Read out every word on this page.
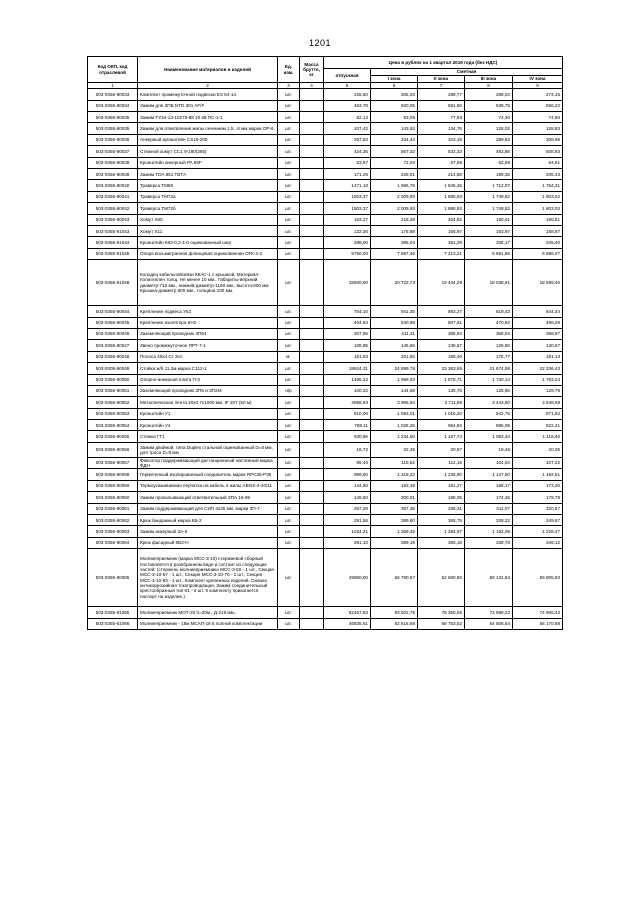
1201
Код ОКП, код отраслевой	Наименование материалов и изделий	Ед. изм.	Масса брутто, кг	Цена в рублях на 1 квартал 2019 года (без НДС)				
				отпускная	Сметная			
					I зона	II зона	III зона	IV зона
1	2	3	4	5	6	7	8	9
503-0355-90033	Комплект промежуточной подвески ES 54-14	шт.		228,60	305,03	288,77	268,04	274,16
503-0355-90034	Зажим для ЗПБ NTD 301 AF/F	шт.		463,78	620,05	581,60	539,75	556,22
503-0355-90035	Зажим ТУ34-13-10273-88 10 кВ ПС-1-1	шт.		62,12	83,05	77,93	72,30	74,50
503-0355-90035	Зажим для ответвления жилы сечением 1,5...6 мм марки ОР-6	шт.		107,42	143,62	134,76	125,02	128,83
503-0355-90036	Анкерный кронштейн CS10-200	шт.		257,63	344,44	323,19	299,83	308,98
503-0355-90037	Стяжной хомут CC1 9-180(265)	шт.		424,35	567,33	532,33	492,86	508,93
503-0355-90038	Кронштейн анкерный PA 69F	шт.		53,87	72,02	67,58	62,69	64,61
503-0355-90039	Зажим TDA 851 П2ТА	шт.		171,29	229,01	214,88	199,35	205,43
503-0355-90040	Траверса ТМ68	шт.		1471,10	1 966,79	1 845,45	1 712,07	1 764,31
503-0355-90041	Траверса ТМ72а	шт.		1503,37	2 009,93	1 885,93	1 749,62	1 803,02
503-0355-90042	Траверса ТМ72б	шт.		1503,37	2 009,93	1 885,93	1 749,62	1 803,02
503-0355-90043	Хомут Х60	шт.		163,27	218,28	204,82	190,01	195,81
503-0355-91043	Хомут Х11	шт.		132,30	176,88	165,97	153,97	158,67
503-0355-91044	Кронштейн К62-0,2-1-0 оцинкованный шер	шт.		288,00	385,04	361,29	335,17	345,40
503-0355-91045	Опора восьмигранная фланцевая оцинкованная ОГК-4-3	шт.		5750,00	7 687,46	7 213,21	6 691,85	6 896,07
503-0355-91046	Колодец кабельнойсвязи ККАС-1 с крышкой. Материал-полиэтилен толщ. Не менее 10 мм.. Габариты-верхний диаметр-712 мм., нижний диаметр-1160 мм., высота-800 мм Крышка-диаметр 600 мм., толщина 100 мм.	шт.		15500,00	20 722,73	19 444,29	18 038,91	18 589,40
503-0355-90044	Крепление подвеса У52	шт.		704,10	941,35	883,27	819,43	844,44
503-0355-90045	Крепление изолятора КН2	шт.		404,64	540,98	507,61	470,92	485,29
503-0355-90046	Заземляющий проводник ЗП64	шт.		307,65	411,31	385,94	358,04	368,97
503-0355-90047	Звено промежуточное ПРТ-7-1	шт.		108,95	145,66	136,67	126,80	130,67
503-0355-90048	Полоса 40х4 Ст 3сп	м.		151,03	201,92	189,46	175,77	181,13
503-0305-90049	Стойка ж/б 11.2м марка С112-1	шт.		18624,31	24 899,78	23 363,65	21 674,98	22 336,43
503-0355-90050	Опорно-анкерная плита П-3	шт.		1495,22	1 999,03	1 875,71	1 740,14	1 793,24
503-0355-90051	Заземляющий проводник ЗП6 и ЗП2М	н/р		100,22	144,68	135,76	125,95	129,79
503-0355-90052	Металлическая лента 20х0,7х1000 мм. IF 207 (50 м)	шт.		2958,93	3 955,94	3 711,89	3 443,60	3 548,69
503-0355-90053	Кронштейн У1	шт.		810,06	1 083,01	1 016,20	942,75	971,52
503-0355-90054	Кронштейн У4	шт.		769,11	1 028,26	964,83	895,09	922,41
503-0355-90055	Стяжка ГТ1	шт.		930,86	1 244,50	1 167,74	1 083,34	1 116,40
503-0355-90056	Зажим двойной, типа Duplex стальной оцинкованный D=8 мм, для троса D=8 мм	шт.		16,72	22,35	20,97	19,46	20,05
503-0355-90057	Фиксатор поддерживающий дистанционный настенный марка ФДН	шт.		89,40	119,52	112,15	104,04	107,22
503-0355-90058	Герметичный изолированный соединитель марки RPC35-P35	шт.		986,00	1 318,22	1 236,90	1 147,50	1 182,51
503-0355-90059	Термоусаживаемая перчатка на кабель 4 жилы ABOS-4-40/11	шт.		144,50	193,19	181,27	168,17	173,30
503-0355-90060	Зажим прокалывающий ответвительный ЗПА 16-95	шт.		149,60	200,01	188,05	174,45	179,78
503-0355-90061	Зажим поддерживающий для СИП 4х25 мм. марки ЗП-7	шт.		267,29	357,35	335,31	311,07	320,57
503-0355-90062	Крюк бандажный марка КБ-2	шт.		291,56	389,80	365,75	339,32	349,67
503-0355-90063	Зажим анкерный ЗА-5	шт.		1024,31	1 369,45	1 284,97	1 192,09	1 228,47
503-0355-90064	Крюк фасадный КБ2-Н	шт.		291,10	389,19	365,18	338,78	349,12
503-0355-90065	Молниеприемник (марка МСС-3-10) стержневой сборный поставляется в разобранном виде и состоит из следующих частей: (стержень молниеприемника МСС-3-50 - 1 шт., Секция МСС-3-10-57 - 1 шт., Секция МСС-3-10-70 - 1 шт., Секция МСС-3-10-83 - 1 шт., Комплект крепежных изделий, Смазка антикоррозийная токопроводящая, Зажим соединительный крестообразный тип К1 - 4 шт. К комплекту прикагается паспорт на изделие.)	шт.		49950,00	66 780,67	62 660,80	58 131,84	59 905,83
503-0355-91065	Молниеприемник МОТ-20 h=20м., Д-219 мм.,	шт.		62457,63	83 502,75	78 350,65	72 688,22	74 906,43
503-0355-61066	Молниеприемник - 18м МСАП-18 в полной комплектации	шт.		46835,61	62 616,88	58 753,52	54 506,64	56 170,68
